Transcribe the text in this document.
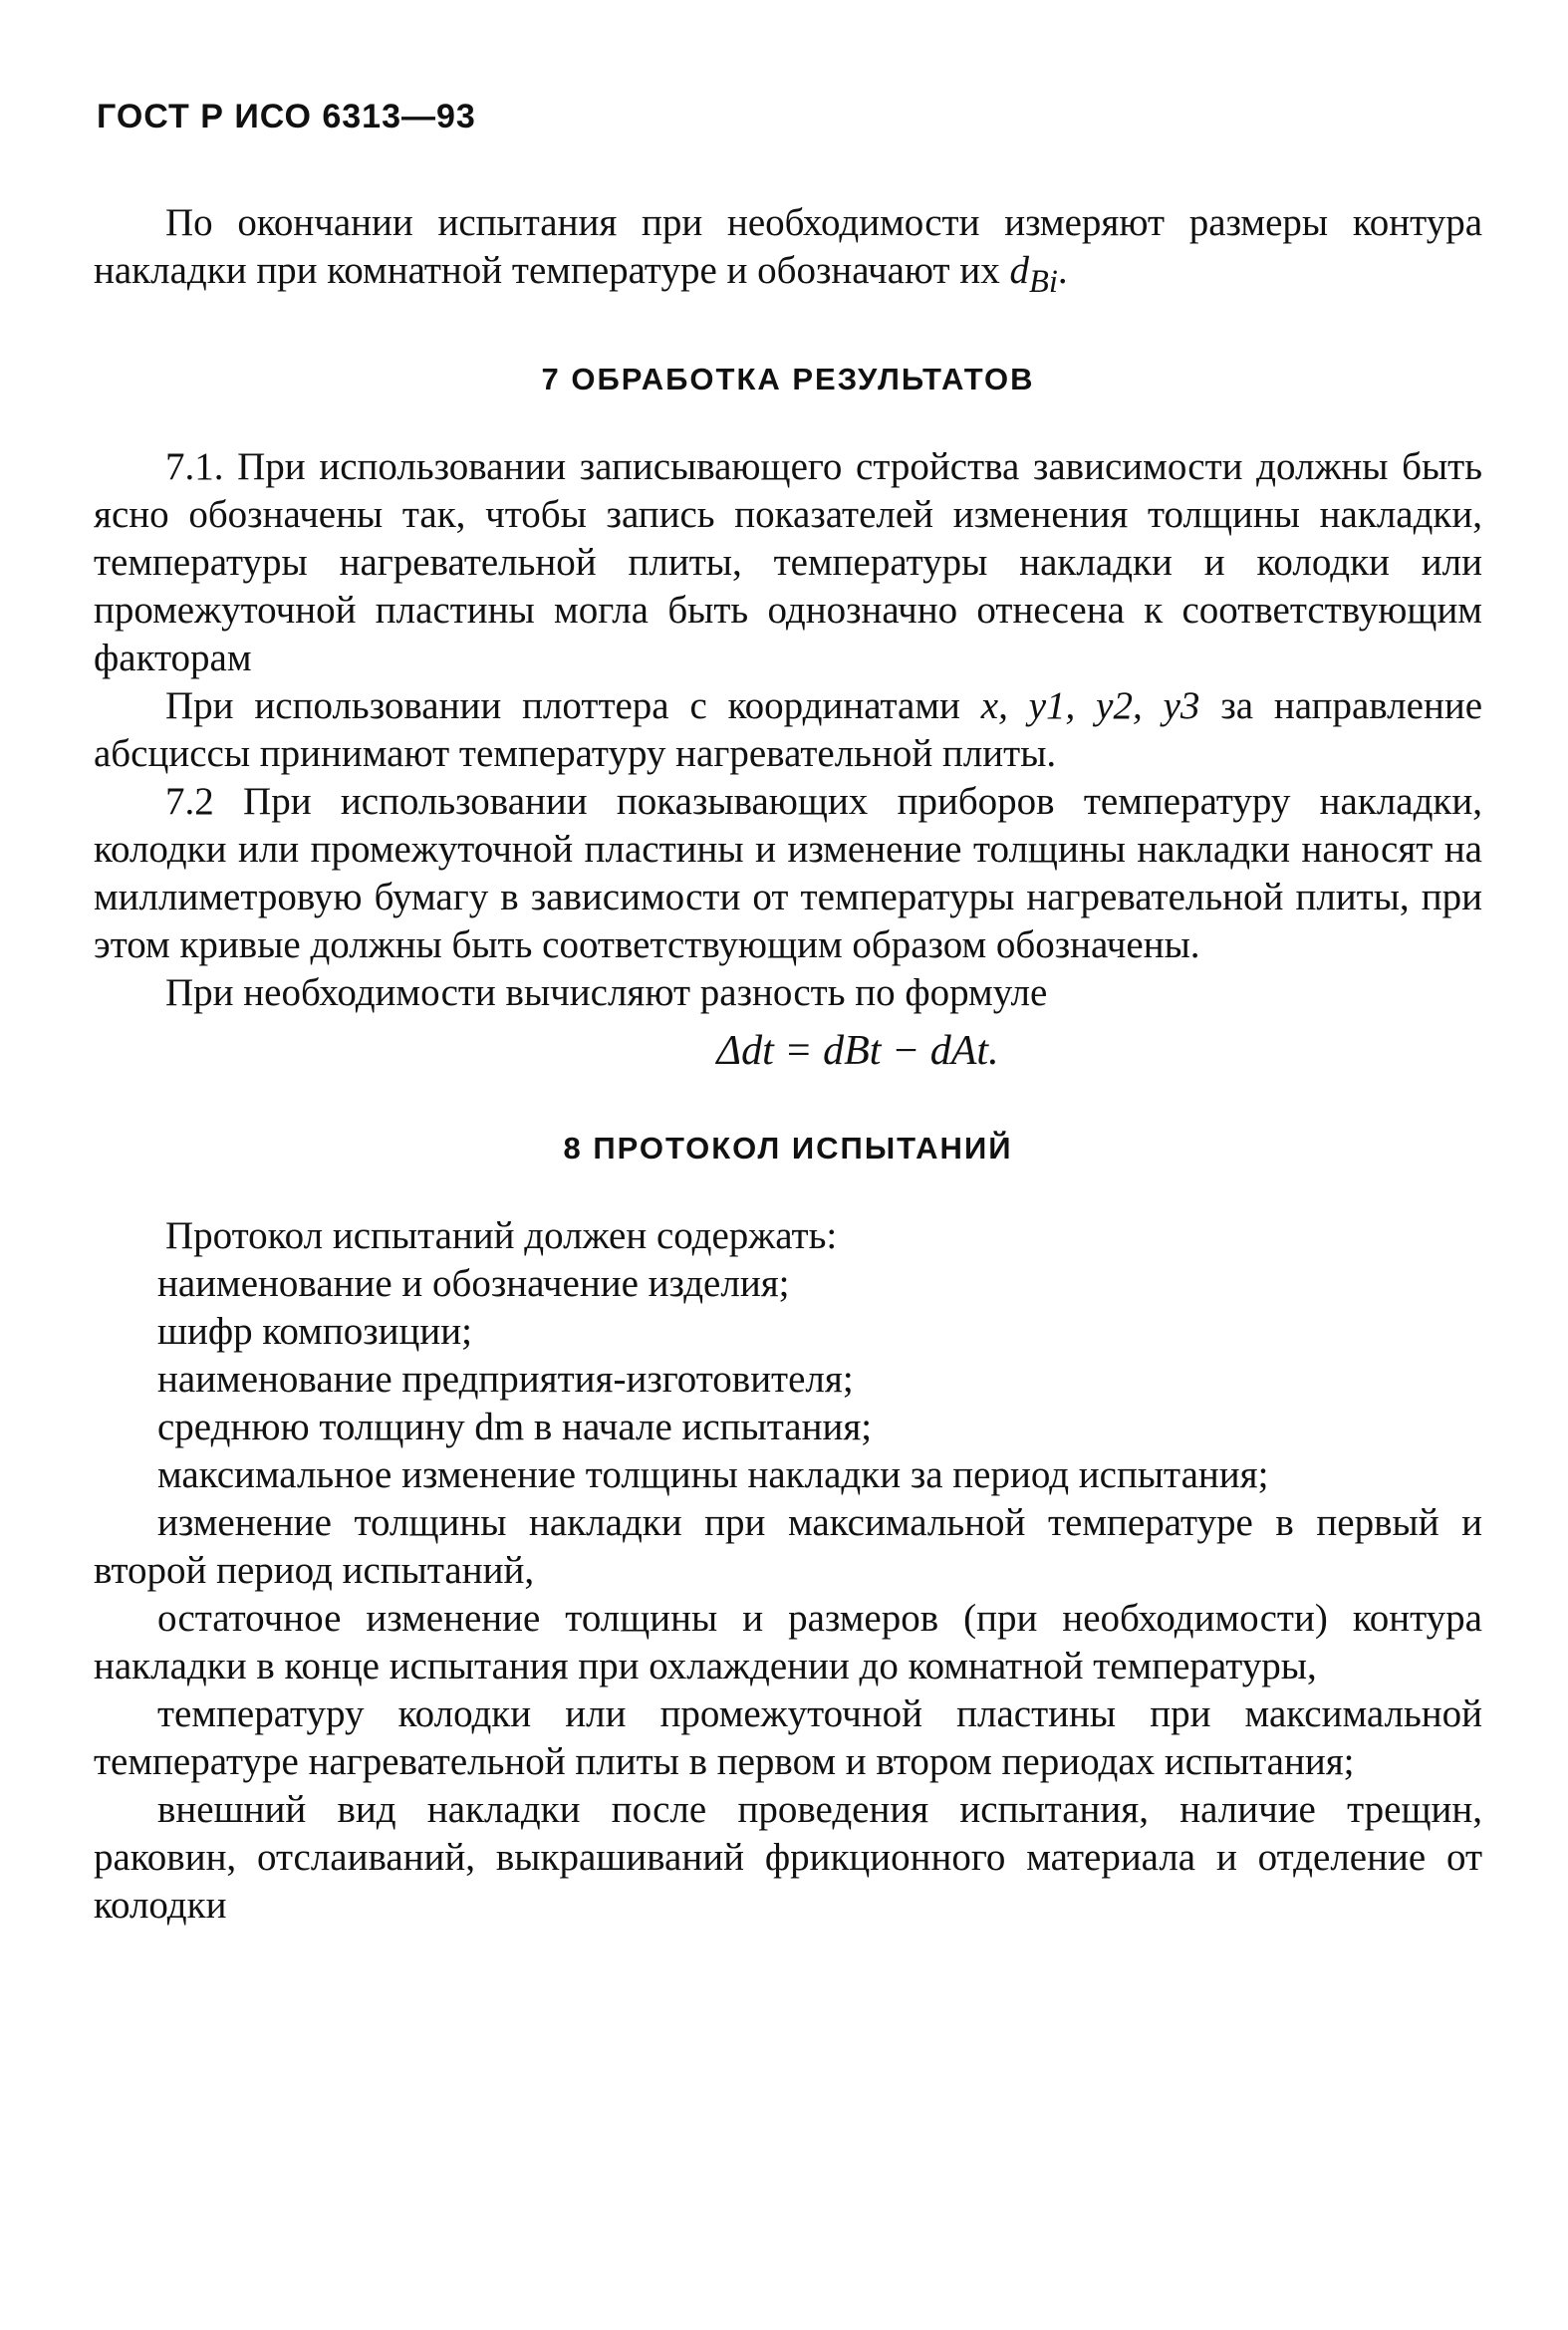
ГОСТ Р ИСО 6313—93

По окончании испытания при необходимости измеряют размеры контура накладки при комнатной температуре и обозначают их $d_{Bi}$.

7 ОБРАБОТКА РЕЗУЛЬТАТОВ

7.1. При использовании записывающего стройства зависимости должны быть ясно обозначены так, чтобы запись показателей изменения толщины накладки, температуры нагревательной плиты, температуры накладки и колодки или промежуточной пластины могла быть однозначно отнесена к соответствующим факторам

При использовании плоттера с координатами x, y1, y2, y3 за направление абсциссы принимают температуру нагревательной плиты.

7.2 При использовании показывающих приборов температуру накладки, колодки или промежуточной пластины и изменение толщины накладки наносят на миллиметровую бумагу в зависимости от температуры нагревательной плиты, при этом кривые должны быть соответствующим образом обозначены.

При необходимости вычисляют разность по формуле

Δdt = dBt − dAt.
8 ПРОТОКОЛ ИСПЫТАНИЙ

Протокол испытаний должен содержать:

наименование и обозначение изделия;

шифр композиции;

наименование предприятия-изготовителя;

среднюю толщину dm в начале испытания;

максимальное изменение толщины накладки за период испытания;

изменение толщины накладки при максимальной температуре в первый и второй период испытаний,

остаточное изменение толщины и размеров (при необходимости) контура накладки в конце испытания при охлаждении до комнатной температуры,

температуру колодки или промежуточной пластины при максимальной температуре нагревательной плиты в первом и втором периодах испытания;

внешний вид накладки после проведения испытания, наличие трещин, раковин, отслаиваний, выкрашиваний фрикционного материала и отделение от колодки
